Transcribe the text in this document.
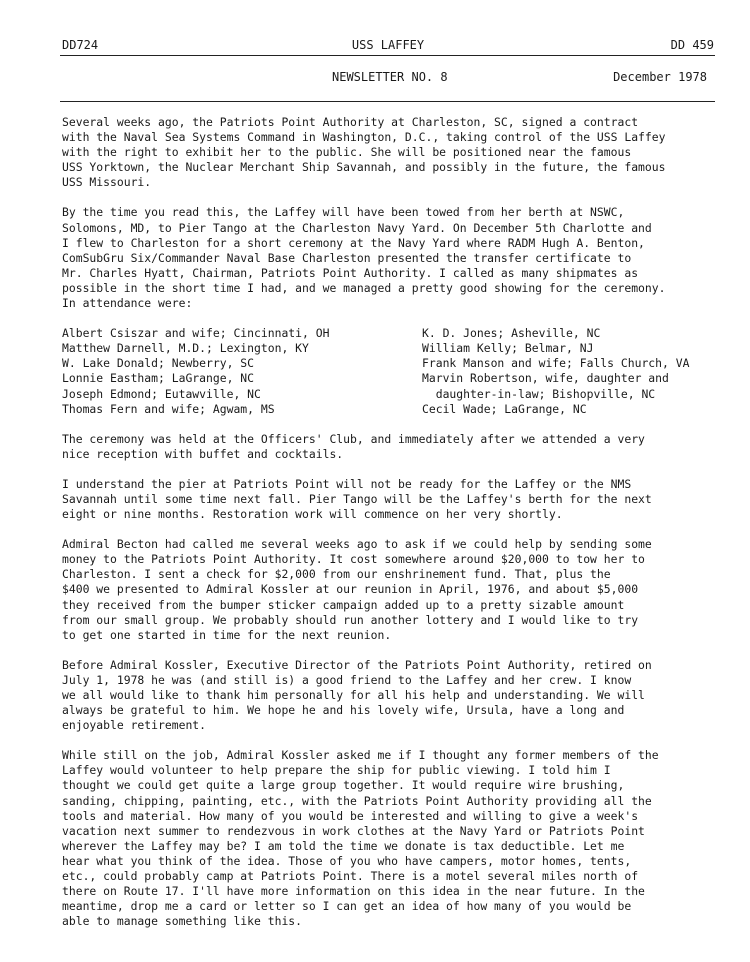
DD724	USS LAFFEY	DD 459
NEWSLETTER NO. 8	December 1978

Several weeks ago, the Patriots Point Authority at Charleston, SC, signed a contract
with the Naval Sea Systems Command in Washington, D.C., taking control of the USS Laffey
with the right to exhibit her to the public. She will be positioned near the famous
USS Yorktown, the Nuclear Merchant Ship Savannah, and possibly in the future, the famous
USS Missouri.

By the time you read this, the Laffey will have been towed from her berth at NSWC,
Solomons, MD, to Pier Tango at the Charleston Navy Yard. On December 5th Charlotte and
I flew to Charleston for a short ceremony at the Navy Yard where RADM Hugh A. Benton,
ComSubGru Six/Commander Naval Base Charleston presented the transfer certificate to
Mr. Charles Hyatt, Chairman, Patriots Point Authority. I called as many shipmates as
possible in the short time I had, and we managed a pretty good showing for the ceremony.
In attendance were:

Albert Csiszar and wife; Cincinnati, OH
Matthew Darnell, M.D.; Lexington, KY
W. Lake Donald; Newberry, SC
Lonnie Eastham; LaGrange, NC
Joseph Edmond; Eutawville, NC
Thomas Fern and wife; Agwam, MS
K. D. Jones; Asheville, NC
William Kelly; Belmar, NJ
Frank Manson and wife; Falls Church, VA
Marvin Robertson, wife, daughter and
daughter-in-law; Bishopville, NC
Cecil Wade; LaGrange, NC

The ceremony was held at the Officers' Club, and immediately after we attended a very
nice reception with buffet and cocktails.

I understand the pier at Patriots Point will not be ready for the Laffey or the NMS
Savannah until some time next fall. Pier Tango will be the Laffey's berth for the next
eight or nine months. Restoration work will commence on her very shortly.

Admiral Becton had called me several weeks ago to ask if we could help by sending some
money to the Patriots Point Authority. It cost somewhere around $20,000 to tow her to
Charleston. I sent a check for $2,000 from our enshrinement fund. That, plus the
$400 we presented to Admiral Kossler at our reunion in April, 1976, and about $5,000
they received from the bumper sticker campaign added up to a pretty sizable amount
from our small group. We probably should run another lottery and I would like to try
to get one started in time for the next reunion.

Before Admiral Kossler, Executive Director of the Patriots Point Authority, retired on
July 1, 1978 he was (and still is) a good friend to the Laffey and her crew. I know
we all would like to thank him personally for all his help and understanding. We will
always be grateful to him. We hope he and his lovely wife, Ursula, have a long and
enjoyable retirement.

While still on the job, Admiral Kossler asked me if I thought any former members of the
Laffey would volunteer to help prepare the ship for public viewing. I told him I
thought we could get quite a large group together. It would require wire brushing,
sanding, chipping, painting, etc., with the Patriots Point Authority providing all the
tools and material. How many of you would be interested and willing to give a week's
vacation next summer to rendezvous in work clothes at the Navy Yard or Patriots Point
wherever the Laffey may be? I am told the time we donate is tax deductible. Let me
hear what you think of the idea. Those of you who have campers, motor homes, tents,
etc., could probably camp at Patriots Point. There is a motel several miles north of
there on Route 17. I'll have more information on this idea in the near future. In the
meantime, drop me a card or letter so I can get an idea of how many of you would be
able to manage something like this.
